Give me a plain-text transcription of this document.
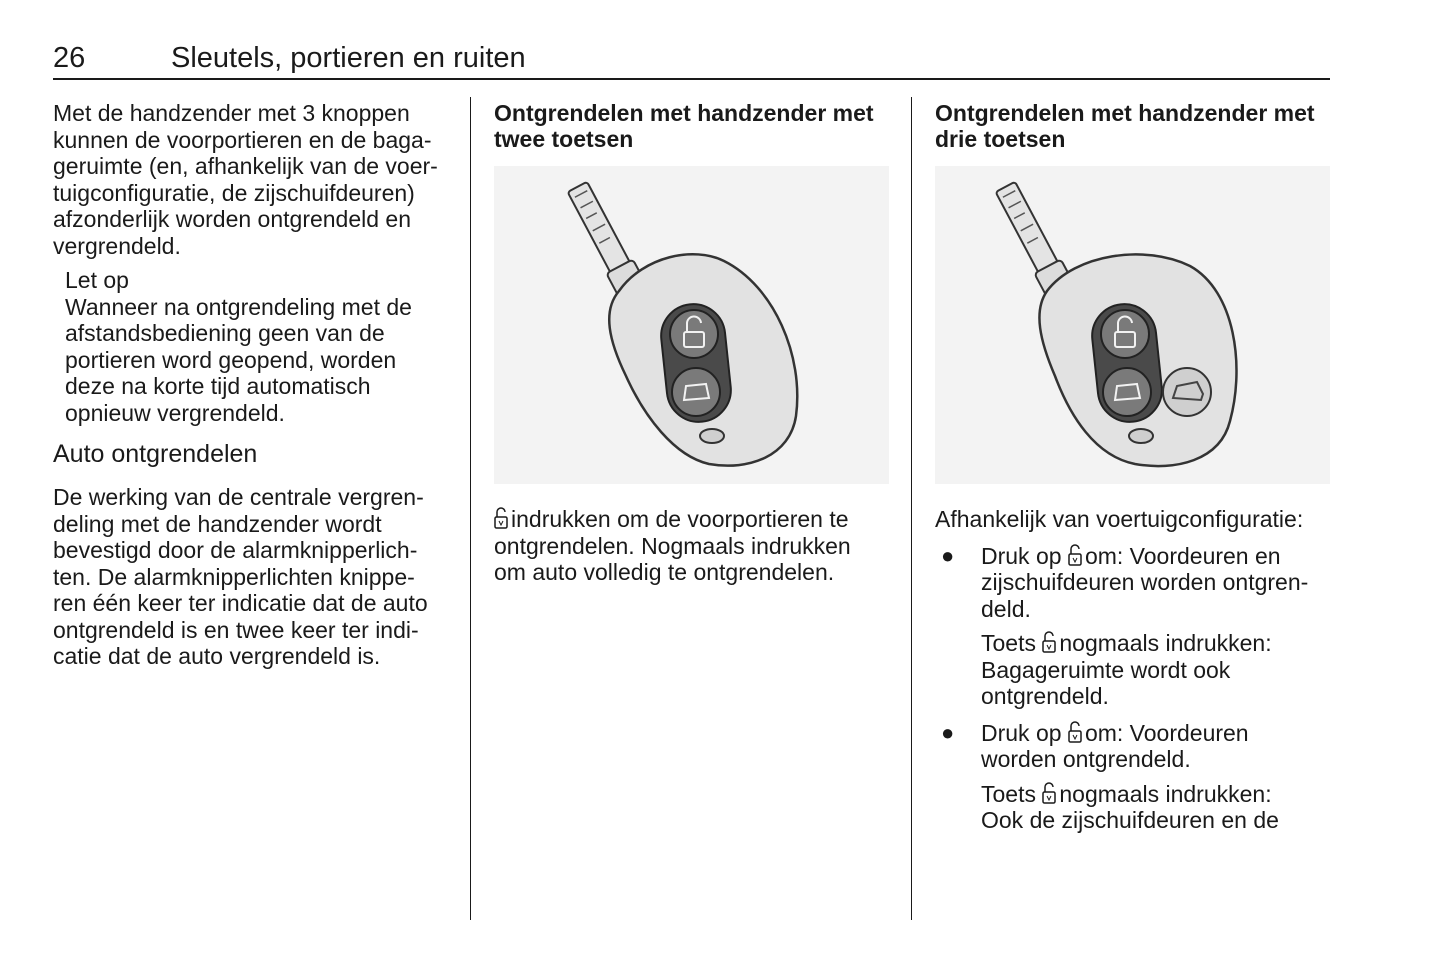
26	Sleutels, portieren en ruiten

Met de handzender met 3 knoppen
kunnen de voorportieren en de baga-
geruimte (en, afhankelijk van de voer-
tuigconfiguratie, de zijschuifdeuren)
afzonderlijk worden ontgrendeld en
vergrendeld.

Let op

Wanneer na ontgrendeling met de
afstandsbediening geen van de
portieren word geopend, worden
deze na korte tijd automatisch
opnieuw vergrendeld.

Auto ontgrendelen

De werking van de centrale vergren-
deling met de handzender wordt
bevestigd door de alarmknipperlich-
ten. De alarmknipperlichten knippe-
ren één keer ter indicatie dat de auto
ontgrendeld is en twee keer ter indi-
catie dat de auto vergrendeld is.

Ontgrendelen met handzender met
twee toetsen

indrukken om de voorportieren te
ontgrendelen. Nogmaals indrukken
om auto volledig te ontgrendelen.

Ontgrendelen met handzender met
drie toetsen

Afhankelijk van voertuigconfiguratie:

● Druk op om: Voordeuren en
zijschuifdeuren worden ontgren-
deld.

Toets nogmaals indrukken:
Bagageruimte wordt ook
ontgrendeld.

● Druk op om: Voordeuren
worden ontgrendeld.

Toets nogmaals indrukken:
Ook de zijschuifdeuren en de
